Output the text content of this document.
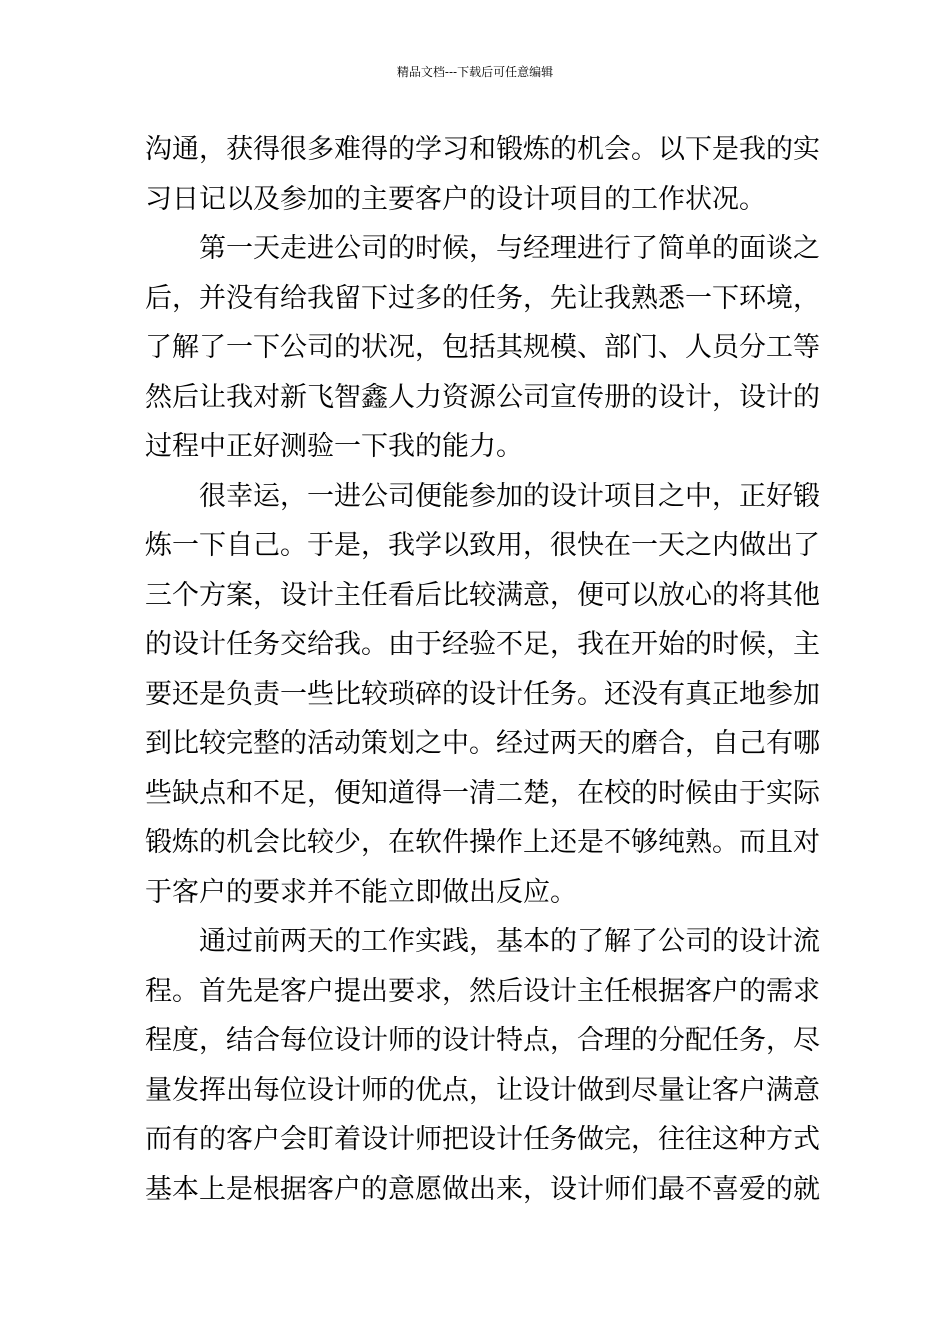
精品文档---下载后可任意编辑
沟通，获得很多难得的学习和锻炼的机会。以下是我的实
习日记以及参加的主要客户的设计项目的工作状况。
第一天走进公司的时候，与经理进行了简单的面谈之
后，并没有给我留下过多的任务，先让我熟悉一下环境，
了解了一下公司的状况，包括其规模、部门、人员分工等
然后让我对新飞智鑫人力资源公司宣传册的设计，设计的
过程中正好测验一下我的能力。
很幸运，一进公司便能参加的设计项目之中，正好锻
炼一下自己。于是，我学以致用，很快在一天之内做出了
三个方案，设计主任看后比较满意，便可以放心的将其他
的设计任务交给我。由于经验不足，我在开始的时候，主
要还是负责一些比较琐碎的设计任务。还没有真正地参加
到比较完整的活动策划之中。经过两天的磨合，自己有哪
些缺点和不足，便知道得一清二楚，在校的时候由于实际
锻炼的机会比较少，在软件操作上还是不够纯熟。而且对
于客户的要求并不能立即做出反应。
通过前两天的工作实践，基本的了解了公司的设计流
程。首先是客户提出要求，然后设计主任根据客户的需求
程度，结合每位设计师的设计特点，合理的分配任务，尽
量发挥出每位设计师的优点，让设计做到尽量让客户满意
而有的客户会盯着设计师把设计任务做完，往往这种方式
基本上是根据客户的意愿做出来，设计师们最不喜爱的就
